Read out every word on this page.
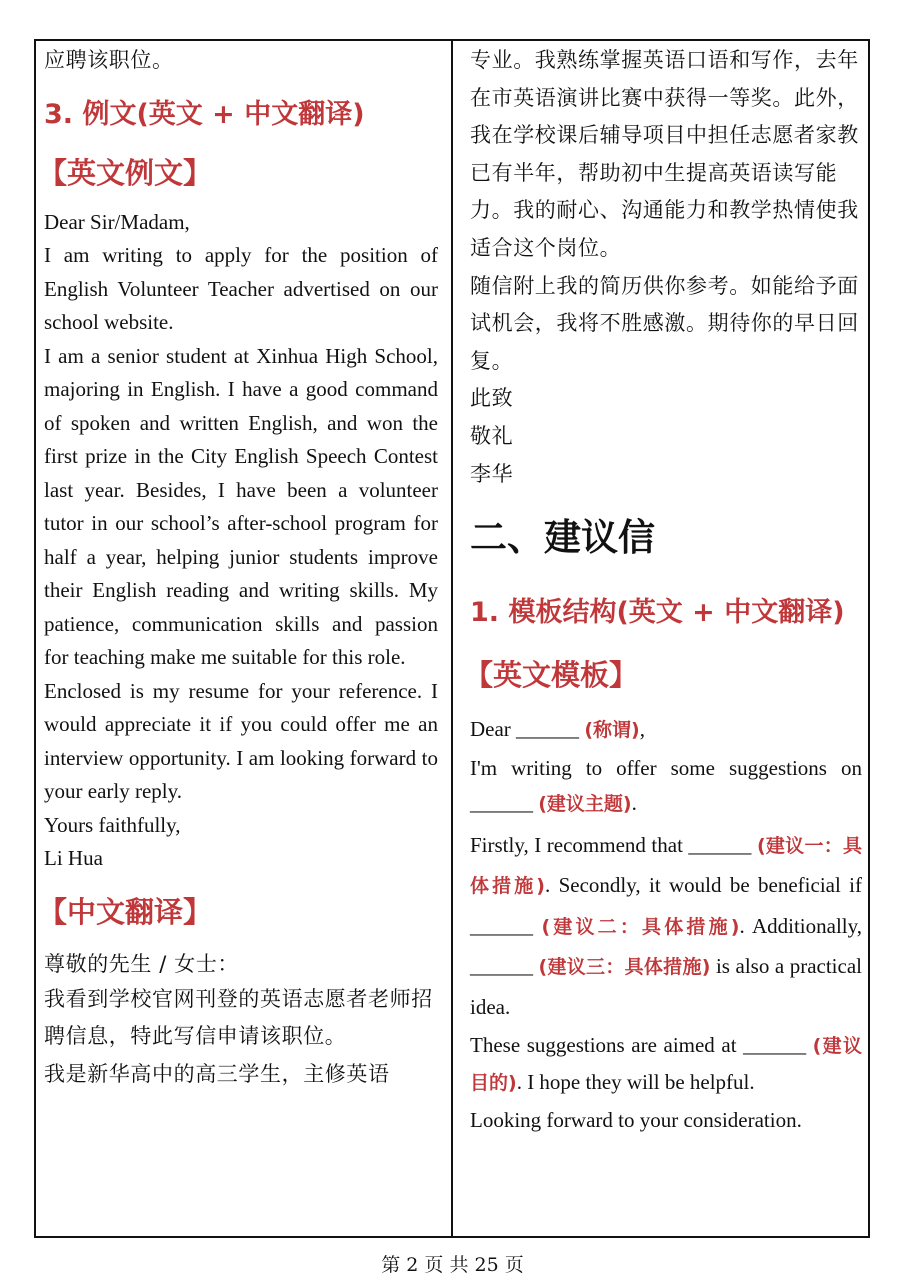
应聘该职位。

3. 例文(英文 + 中文翻译)

【英文例文】

Dear Sir/Madam,

I am writing to apply for the position of English Volunteer Teacher advertised on our school website.

I am a senior student at Xinhua High School, majoring in English. I have a good command of spoken and written English, and won the first prize in the City English Speech Contest last year. Besides, I have been a volunteer tutor in our school’s after-school program for half a year, helping junior students improve their English reading and writing skills. My patience, communication skills and passion for teaching make me suitable for this role.

Enclosed is my resume for your reference. I would appreciate it if you could offer me an interview opportunity. I am looking forward to your early reply.

Yours faithfully,

Li Hua

【中文翻译】

尊敬的先生 / 女士：

我看到学校官网刊登的英语志愿者老师招聘信息，特此写信申请该职位。

我是新华高中的高三学生，主修英语

专业。我熟练掌握英语口语和写作，去年在市英语演讲比赛中获得一等奖。此外，我在学校课后辅导项目中担任志愿者家教已有半年，帮助初中生提高英语读写能力。我的耐心、沟通能力和教学热情使我适合这个岗位。

随信附上我的简历供你参考。如能给予面试机会，我将不胜感激。期待你的早日回复。

此致

敬礼

李华

二、建议信

1. 模板结构(英文 + 中文翻译)

【英文模板】

Dear ______ (称谓),

I'm writing to offer some suggestions on ______ (建议主题).

Firstly, I recommend that ______ (建议一：具体措施). Secondly, it would be beneficial if ______ (建议二：具体措施). Additionally, ______ (建议三：具体措施) is also a practical idea.

These suggestions are aimed at ______ (建议目的). I hope they will be helpful.

Looking forward to your consideration.

第 2 页 共 25 页
